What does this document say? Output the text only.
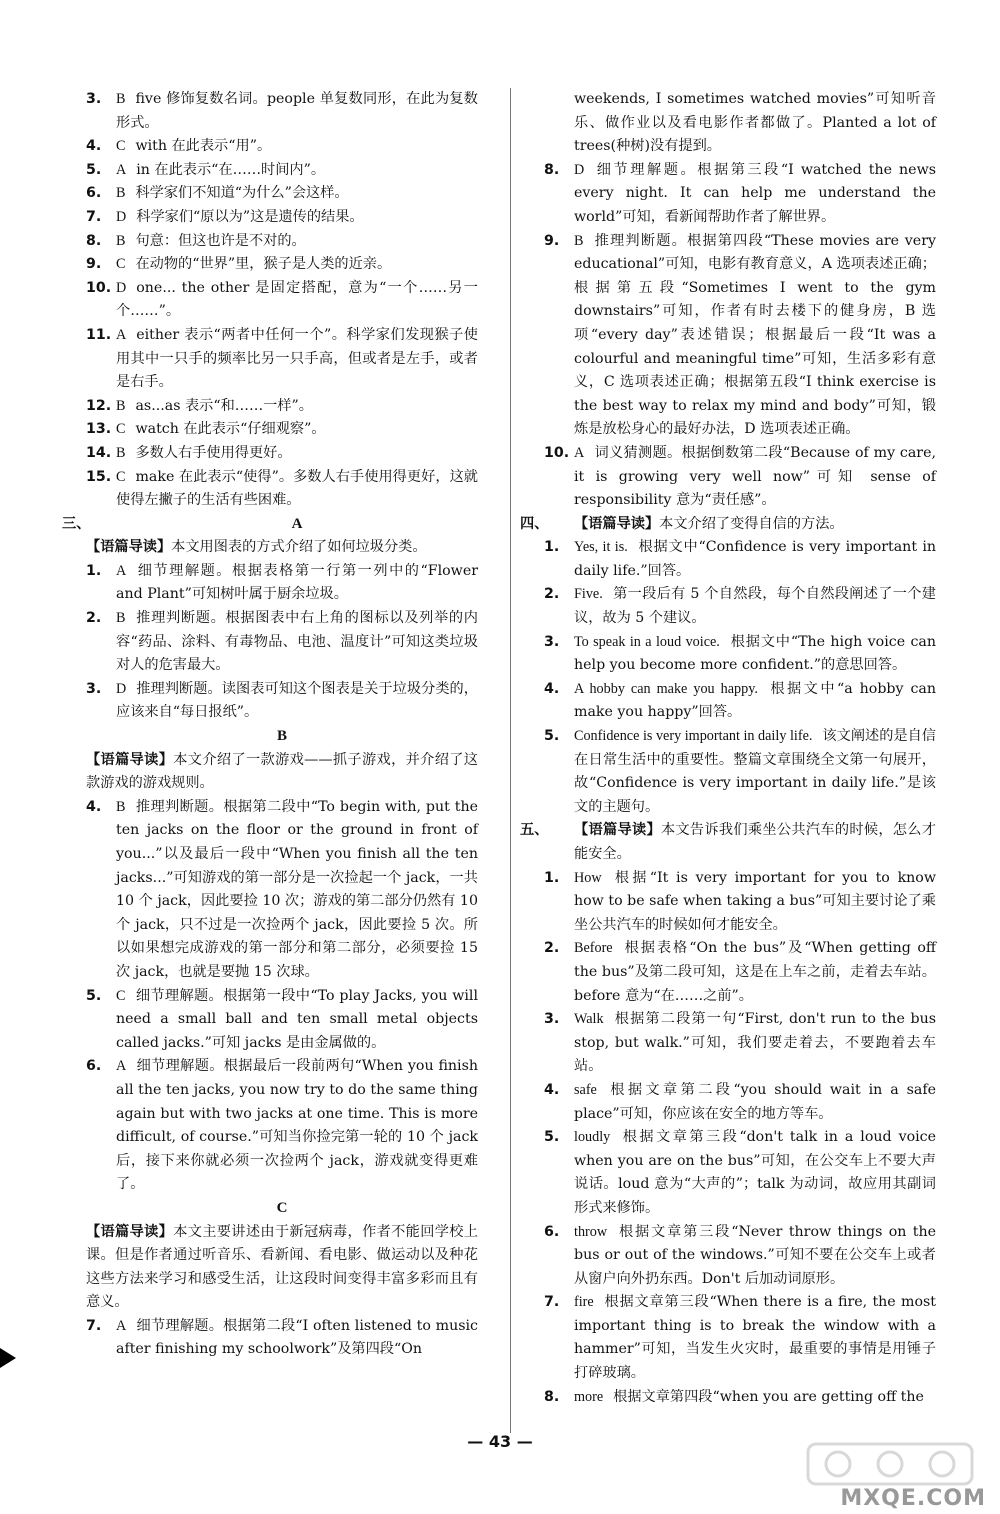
3.	B five 修饰复数名词。people 单复数同形，在此为复数形式。
4.	C with 在此表示“用”。
5.	A in 在此表示“在……时间内”。
6.	B 科学家们不知道“为什么”会这样。
7.	D 科学家们“原以为”这是遗传的结果。
8.	B 句意：但这也许是不对的。
9.	C 在动物的“世界”里，猴子是人类的近亲。
10. D one... the other 是固定搭配，意为“一个……另一个……”。
11. A either 表示“两者中任何一个”。科学家们发现猴子使用其中一只手的频率比另一只手高，但或者是左手，或者是右手。
12. B as...as 表示“和……一样”。
13. C watch 在此表示“仔细观察”。
14. B 多数人右手使用得更好。
15. C make 在此表示“使得”。多数人右手使用得更好，这就使得左撇子的生活有些困难。
三、	A
【语篇导读】本文用图表的方式介绍了如何垃圾分类。
1.	A 细节理解题。根据表格第一行第一列中的“Flower and Plant”可知树叶属于厨余垃圾。
2.	B 推理判断题。根据图表中右上角的图标以及列举的内容“药品、涂料、有毒物品、电池、温度计”可知这类垃圾对人的危害最大。
3.	D 推理判断题。读图表可知这个图表是关于垃圾分类的，应该来自“每日报纸”。
B
【语篇导读】本文介绍了一款游戏——抓子游戏，并介绍了这款游戏的游戏规则。
4.	B 推理判断题。根据第二段中“To begin with, put the ten jacks on the floor or the ground in front of you...”以及最后一段中“When you finish all the ten jacks...”可知游戏的第一部分是一次捡起一个 jack，一共 10 个 jack，因此要捡 10 次；游戏的第二部分仍然有 10 个 jack，只不过是一次捡两个 jack，因此要捡 5 次。所以如果想完成游戏的第一部分和第二部分，必须要捡 15 次 jack，也就是要抛 15 次球。
5.	C 细节理解题。根据第一段中“To play Jacks, you will need a small ball and ten small metal objects called jacks.”可知 jacks 是由金属做的。
6.	A 细节理解题。根据最后一段前两句“When you finish all the ten jacks, you now try to do the same thing again but with two jacks at one time. This is more difficult, of course.”可知当你捡完第一轮的 10 个 jack 后，接下来你就必须一次捡两个 jack，游戏就变得更难了。
C
【语篇导读】本文主要讲述由于新冠病毒，作者不能回学校上课。但是作者通过听音乐、看新闻、看电影、做运动以及种花这些方法来学习和感受生活，让这段时间变得丰富多彩而且有意义。
7.	A 细节理解题。根据第二段“I often listened to music after finishing my schoolwork”及第四段“On
weekends, I sometimes watched movies”可知听音乐、做作业以及看电影作者都做了。Planted a lot of trees(种树)没有提到。
8.	D 细节理解题。根据第三段“I watched the news every night. It can help me understand the world”可知，看新闻帮助作者了解世界。
9.	B 推理判断题。根据第四段“These movies are very educational”可知，电影有教育意义，A 选项表述正确；根据第五段“Sometimes I went to the gym downstairs”可知，作者有时去楼下的健身房，B 选项“every day”表述错误；根据最后一段“It was a colourful and meaningful time”可知，生活多彩有意义，C 选项表述正确；根据第五段“I think exercise is the best way to relax my mind and body”可知，锻炼是放松身心的最好办法，D 选项表述正确。
10. A 词义猜测题。根据倒数第二段“Because of my care, it is growing very well now”可知 sense of responsibility 意为“责任感”。
四、 【语篇导读】本文介绍了变得自信的方法。
1.	Yes, it is. 根据文中“Confidence is very important in daily life.”回答。
2.	Five. 第一段后有 5 个自然段，每个自然段阐述了一个建议，故为 5 个建议。
3.	To speak in a loud voice. 根据文中“The high voice can help you become more confident.”的意思回答。
4.	A hobby can make you happy. 根据文中“a hobby can make you happy”回答。
5.	Confidence is very important in daily life. 该文阐述的是自信在日常生活中的重要性。整篇文章围绕全文第一句展开，故“Confidence is very important in daily life.”是该文的主题句。
五、 【语篇导读】本文告诉我们乘坐公共汽车的时候，怎么才能安全。
1.	How 根据“It is very important for you to know how to be safe when taking a bus”可知主要讨论了乘坐公共汽车的时候如何才能安全。
2.	Before 根据表格“On the bus”及“When getting off the bus”及第二段可知，这是在上车之前，走着去车站。before 意为“在……之前”。
3.	Walk 根据第二段第一句“First, don't run to the bus stop, but walk.”可知，我们要走着去，不要跑着去车站。
4.	safe 根据文章第二段“you should wait in a safe place”可知，你应该在安全的地方等车。
5.	loudly 根据文章第三段“don't talk in a loud voice when you are on the bus”可知，在公交车上不要大声说话。loud 意为“大声的”；talk 为动词，故应用其副词形式来修饰。
6.	throw 根据文章第三段“Never throw things on the bus or out of the windows.”可知不要在公交车上或者从窗户向外扔东西。Don't 后加动词原形。
7.	fire 根据文章第三段“When there is a fire, the most important thing is to break the window with a hammer”可知，当发生火灾时，最重要的事情是用锤子打碎玻璃。
8.	more 根据文章第四段“when you are getting off the
— 43 —
MXQE.COM
